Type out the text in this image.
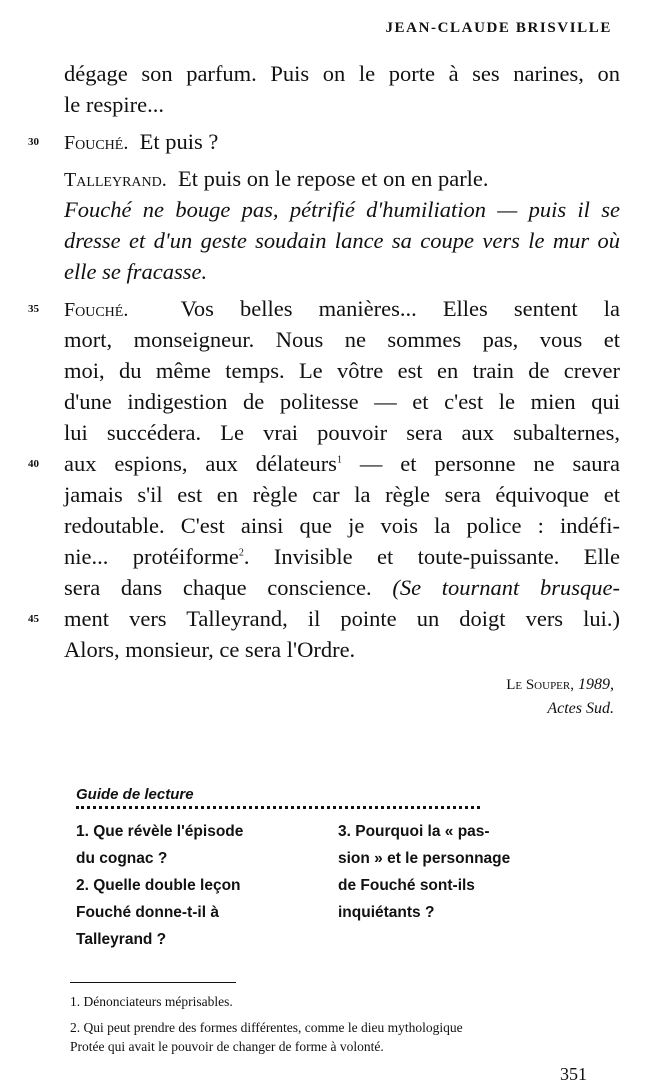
JEAN-CLAUDE BRISVILLE
dégage son parfum. Puis on le porte à ses narines, on
le respire...
30 Fouché. Et puis ?
Talleyrand. Et puis on le repose et on en parle.
Fouché ne bouge pas, pétrifié d'humiliation — puis il se
dresse et d'un geste soudain lance sa coupe vers le mur où
elle se fracasse.
35 Fouché. Vos belles manières... Elles sentent la
mort, monseigneur. Nous ne sommes pas, vous et
moi, du même temps. Le vôtre est en train de crever
d'une indigestion de politesse — et c'est le mien qui
lui succédera. Le vrai pouvoir sera aux subalternes,
40 aux espions, aux délateurs$^1$ — et personne ne saura
jamais s'il est en règle car la règle sera équivoque et
redoutable. C'est ainsi que je vois la police : indéfi-
nie... protéiforme$^2$. Invisible et toute-puissante. Elle
sera dans chaque conscience. (Se tournant brusque-
45 ment vers Talleyrand, il pointe un doigt vers lui.)
Alors, monsieur, ce sera l'Ordre.
Le Souper, 1989,
Actes Sud.
Guide de lecture
1. Que révèle l'épisode
du cognac ?
2. Quelle double leçon
Fouché donne-t-il à
Talleyrand ?
3. Pourquoi la « pas-
sion » et le personnage
de Fouché sont-ils
inquiétants ?
1. Dénonciateurs méprisables.
2. Qui peut prendre des formes différentes, comme le dieu mythologique
Protée qui avait le pouvoir de changer de forme à volonté.
351
